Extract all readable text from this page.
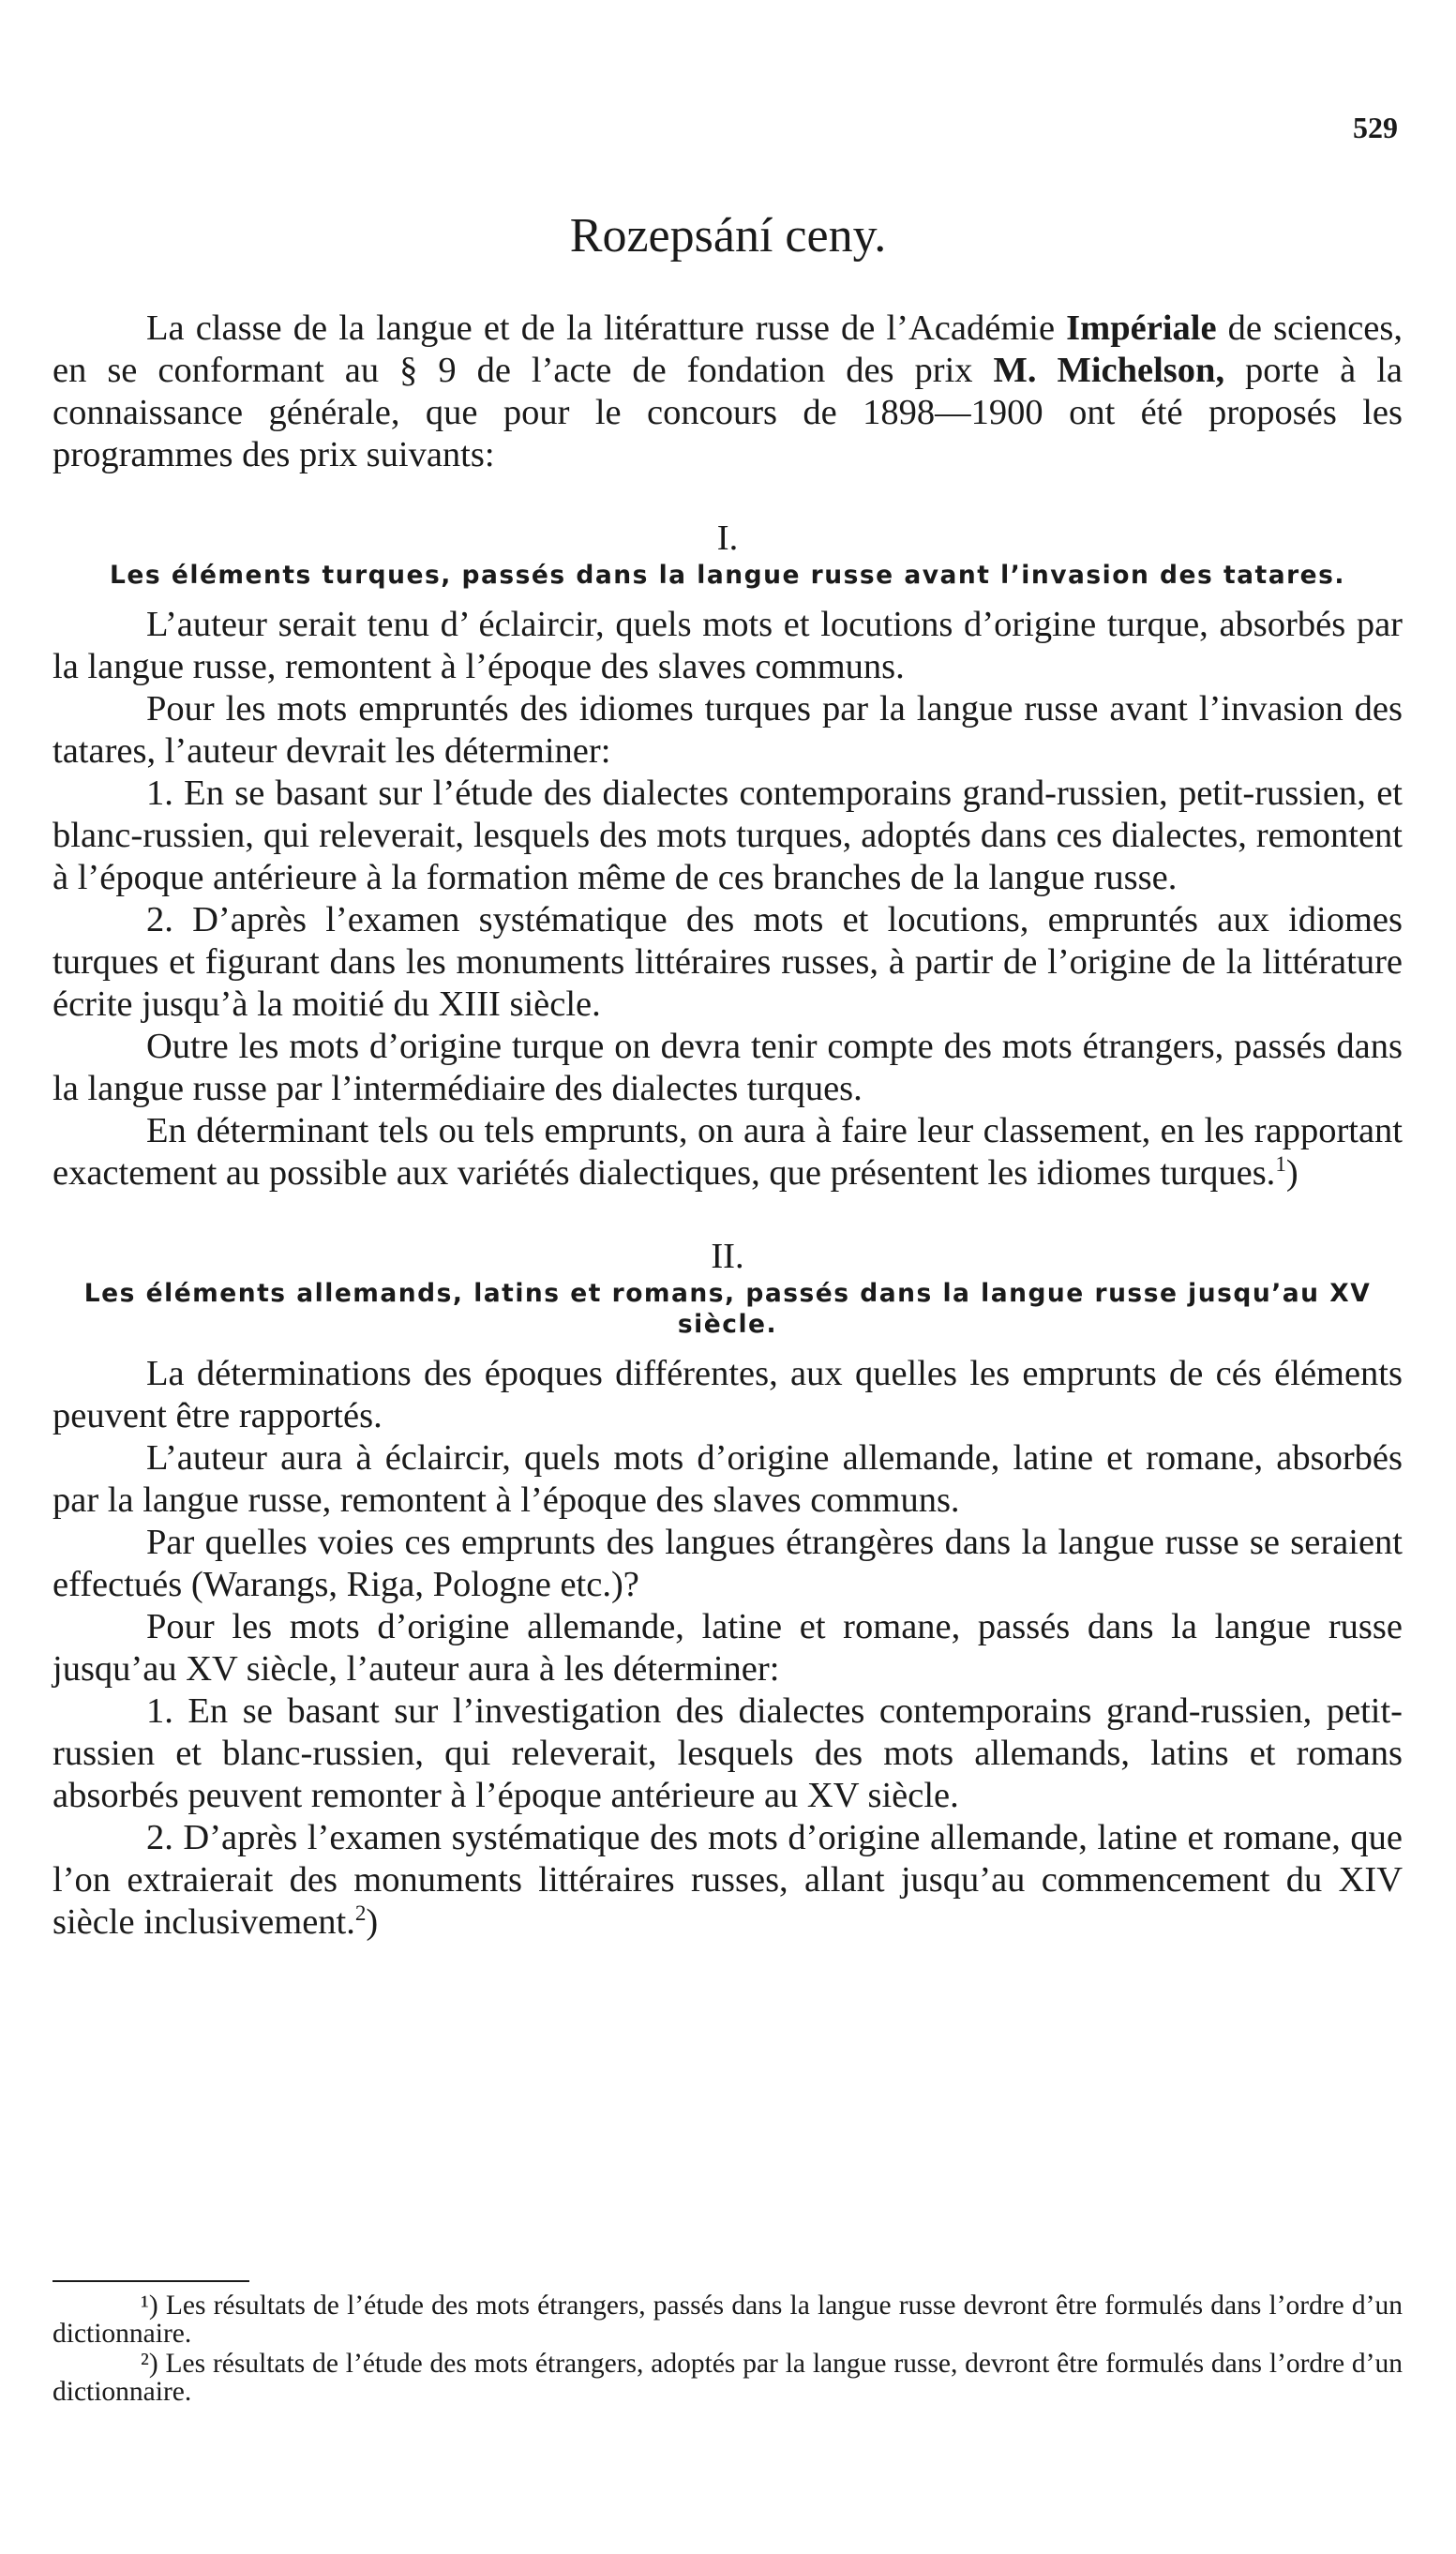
529
Rozepsání ceny.

La classe de la langue et de la litératture russe de l’Académie Impériale de sciences, en se conformant au § 9 de l’acte de fondation des prix M. Michelson, porte à la connaissance générale, que pour le concours de 1898—1900 ont été proposés les programmes des prix suivants:

I.

Les éléments turques, passés dans la langue russe avant l’invasion des tatares.

L’auteur serait tenu d’ éclaircir, quels mots et locutions d’origine turque, absorbés par la langue russe, remontent à l’époque des slaves communs.

Pour les mots empruntés des idiomes turques par la langue russe avant l’invasion des tatares, l’auteur devrait les déterminer:

1. En se basant sur l’étude des dialectes contemporains grand-russien, petit-russien, et blanc-russien, qui releverait, lesquels des mots turques, adoptés dans ces dialectes, remontent à l’époque antérieure à la formation même de ces branches de la langue russe.

2. D’après l’examen systématique des mots et locutions, empruntés aux idiomes turques et figurant dans les monuments littéraires russes, à partir de l’origine de la littérature écrite jusqu’à la moitié du XIII siècle.

Outre les mots d’origine turque on devra tenir compte des mots étrangers, passés dans la langue russe par l’intermédiaire des dialectes turques.

En déterminant tels ou tels emprunts, on aura à faire leur classement, en les rapportant exactement au possible aux variétés dialectiques, que présentent les idiomes turques.$^1$)

II.

Les éléments allemands, latins et romans, passés dans la langue russe jusqu’au XV siècle.

La déterminations des époques différentes, aux quelles les emprunts de cés éléments peuvent être rapportés.

L’auteur aura à éclaircir, quels mots d’origine allemande, latine et romane, absorbés par la langue russe, remontent à l’époque des slaves communs.

Par quelles voies ces emprunts des langues étrangères dans la langue russe se seraient effectués (Warangs, Riga, Pologne etc.)?

Pour les mots d’origine allemande, latine et romane, passés dans la langue russe jusqu’au XV siècle, l’auteur aura à les déterminer:

1. En se basant sur l’investigation des dialectes contemporains grand-russien, petit-russien et blanc-russien, qui releverait, lesquels des mots allemands, latins et romans absorbés peuvent remonter à l’époque antérieure au XV siècle.

2. D’après l’examen systématique des mots d’origine allemande, latine et romane, que l’on extraierait des monuments littéraires russes, allant jusqu’au commencement du XIV siècle inclusivement.$^2$)

¹) Les résultats de l’étude des mots étrangers, passés dans la langue russe devront être formulés dans l’ordre d’un dictionnaire.

²) Les résultats de l’étude des mots étrangers, adoptés par la langue russe, devront être formulés dans l’ordre d’un dictionnaire.
